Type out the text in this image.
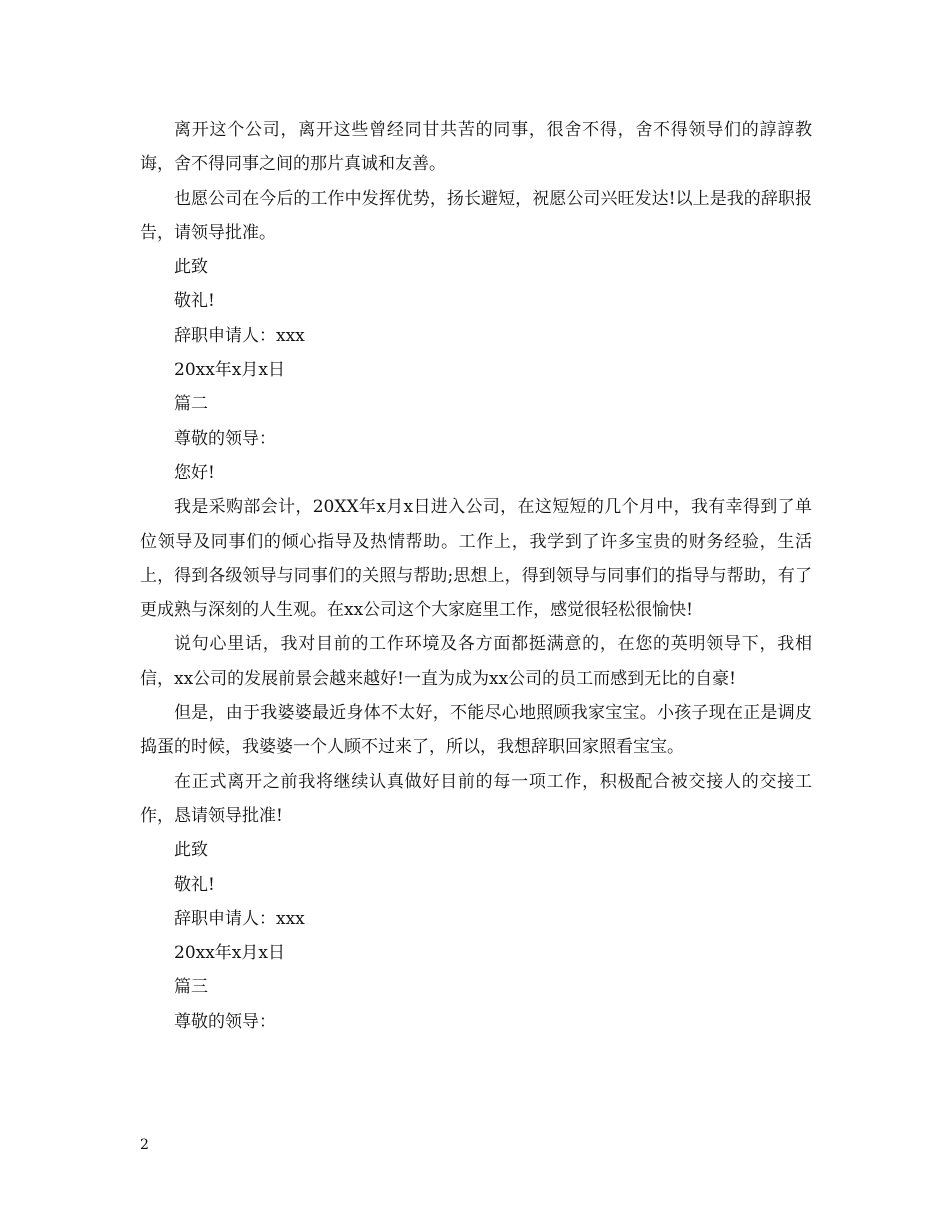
离开这个公司，离开这些曾经同甘共苦的同事，很舍不得，舍不得领导们的諄諄教诲，舍不得同事之间的那片真诚和友善。

也愿公司在今后的工作中发挥优势，扬长避短，祝愿公司兴旺发达!以上是我的辞职报告，请领导批准。

此致

敬礼!

辞职申请人：xxx

20xx年x月x日

篇二

尊敬的领导：

您好!

我是采购部会计，20XX年x月x日进入公司，在这短短的几个月中，我有幸得到了单位领导及同事们的倾心指导及热情帮助。工作上，我学到了许多宝贵的财务经验，生活上，得到各级领导与同事们的关照与帮助;思想上，得到领导与同事们的指导与帮助，有了更成熟与深刻的人生观。在xx公司这个大家庭里工作，感觉很轻松很愉快!

说句心里话，我对目前的工作环境及各方面都挺满意的，在您的英明领导下，我相信，xx公司的发展前景会越来越好!一直为成为xx公司的员工而感到无比的自豪!

但是，由于我婆婆最近身体不太好，不能尽心地照顾我家宝宝。小孩子现在正是调皮捣蛋的时候，我婆婆一个人顾不过来了，所以，我想辞职回家照看宝宝。

在正式离开之前我将继续认真做好目前的每一项工作，积极配合被交接人的交接工作，恳请领导批准!

此致

敬礼!

辞职申请人：xxx

20xx年x月x日

篇三

尊敬的领导：

2
